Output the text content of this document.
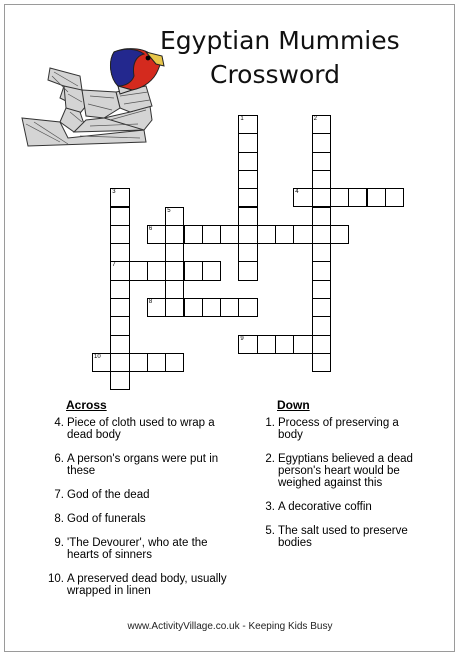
Egyptian Mummies
Crossword
1	2
3
7
4
5
6
8
9
10
Across
4. Piece of cloth used to wrap a dead body
6. A person's organs were put in these
7. God of the dead
8. God of funerals
9. 'The Devourer', who ate the hearts of sinners
10. A preserved dead body, usually wrapped in linen
Down
1. Process of preserving a body
2. Egyptians believed a dead person's heart would be weighed against this
3. A decorative coffin
5. The salt used to preserve bodies
www.ActivityVillage.co.uk - Keeping Kids Busy
